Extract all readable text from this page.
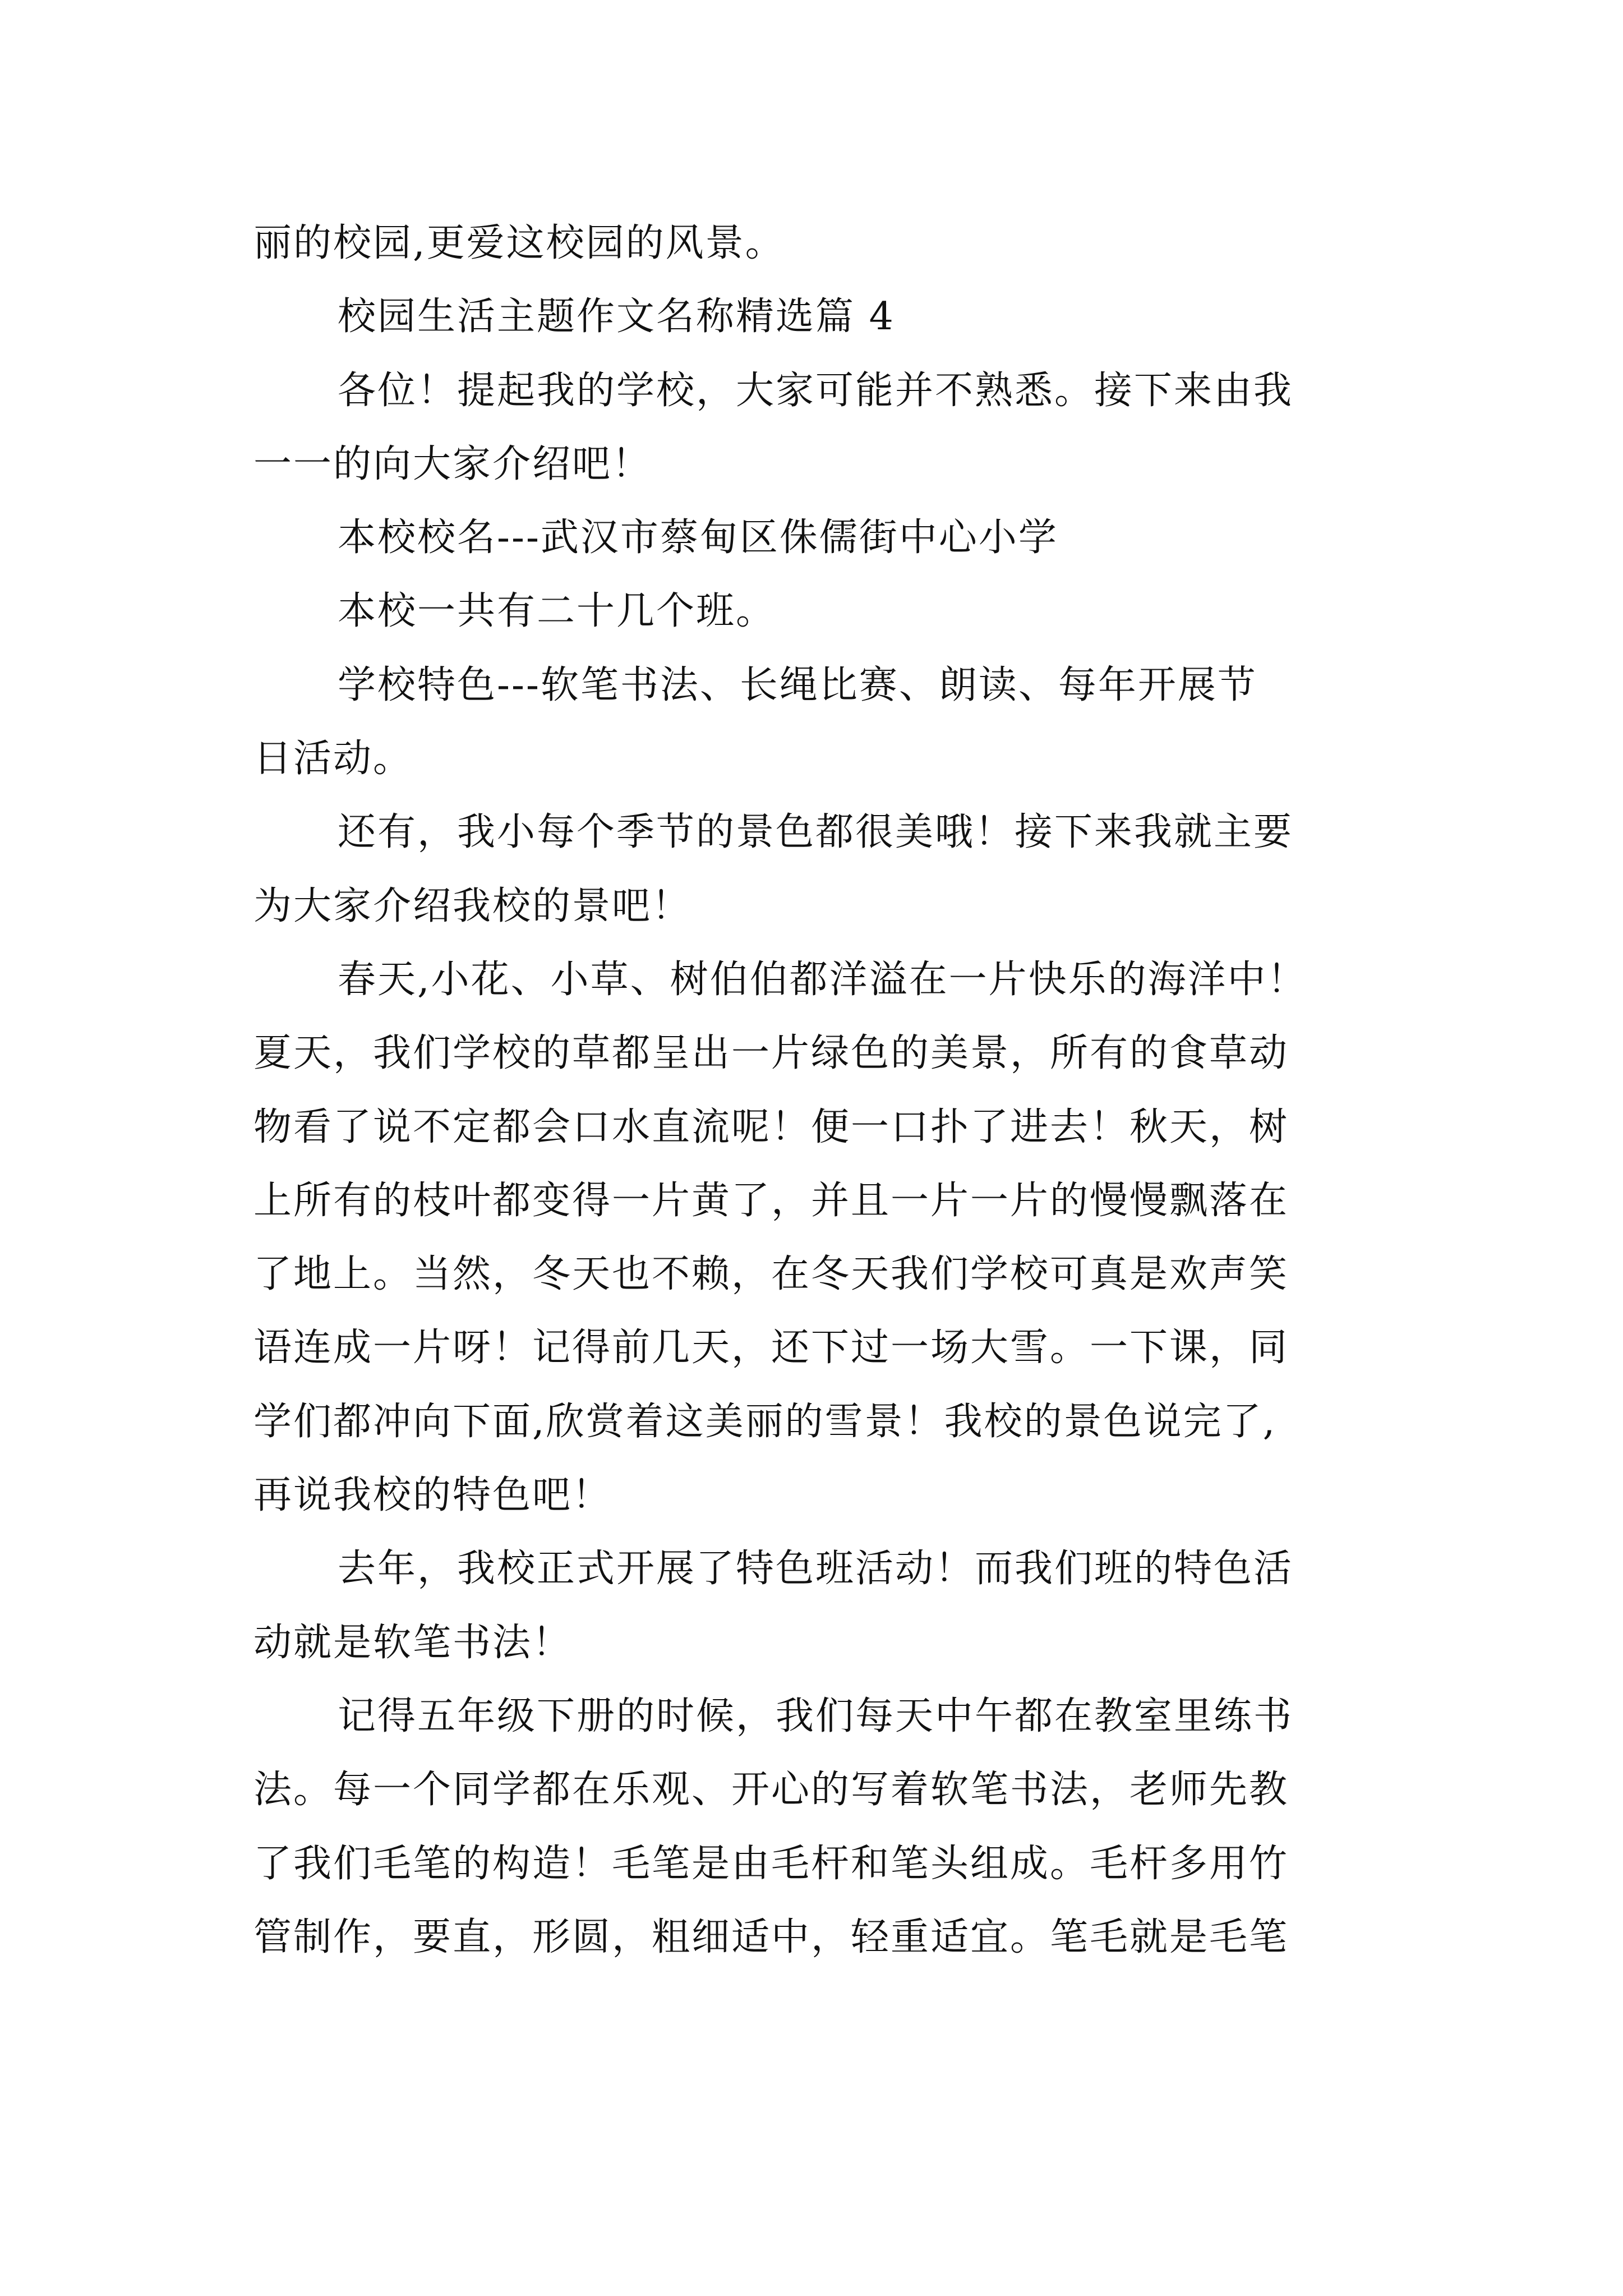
丽的校园,更爱这校园的风景。
校园生活主题作文名称精选篇 4
各位！提起我的学校，大家可能并不熟悉。接下来由我
一一的向大家介绍吧！
本校校名---武汉市蔡甸区侏儒街中心小学
本校一共有二十几个班。
学校特色---软笔书法、长绳比赛、朗读、每年开展节
日活动。
还有，我小每个季节的景色都很美哦！接下来我就主要
为大家介绍我校的景吧！
春天,小花、小草、树伯伯都洋溢在一片快乐的海洋中！
夏天，我们学校的草都呈出一片绿色的美景，所有的食草动
物看了说不定都会口水直流呢！便一口扑了进去！秋天，树
上所有的枝叶都变得一片黄了，并且一片一片的慢慢飘落在
了地上。当然，冬天也不赖，在冬天我们学校可真是欢声笑
语连成一片呀！记得前几天，还下过一场大雪。一下课，同
学们都冲向下面,欣赏着这美丽的雪景！我校的景色说完了,
再说我校的特色吧！
去年，我校正式开展了特色班活动！而我们班的特色活
动就是软笔书法！
记得五年级下册的时候，我们每天中午都在教室里练书
法。每一个同学都在乐观、开心的写着软笔书法，老师先教
了我们毛笔的构造！毛笔是由毛杆和笔头组成。毛杆多用竹
管制作，要直，形圆，粗细适中，轻重适宜。笔毛就是毛笔
